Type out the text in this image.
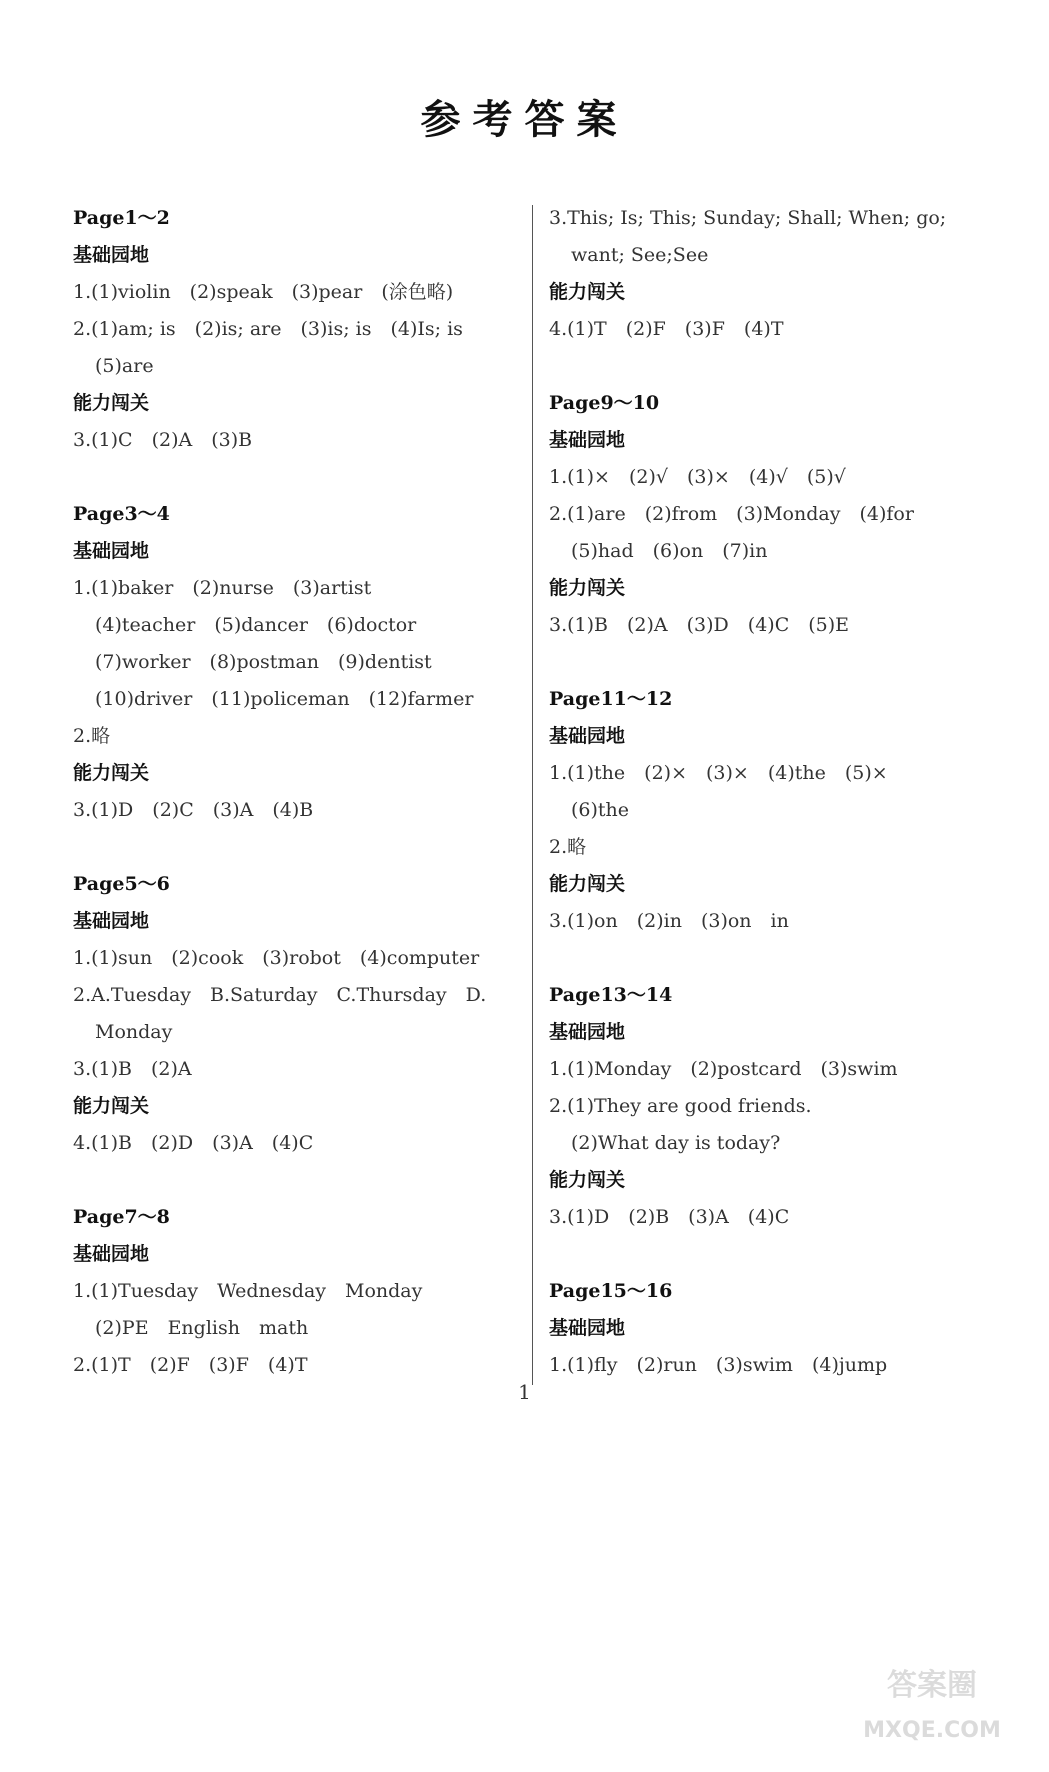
参考答案
Page1～2
基础园地
1.(1)violin　(2)speak　(3)pear　(涂色略)
2.(1)am; is　(2)is; are　(3)is; is　(4)Is; is
(5)are
能力闯关
3.(1)C　(2)A　(3)B
Page3～4
基础园地
1.(1)baker　(2)nurse　(3)artist
(4)teacher　(5)dancer　(6)doctor
(7)worker　(8)postman　(9)dentist
(10)driver　(11)policeman　(12)farmer
2.略
能力闯关
3.(1)D　(2)C　(3)A　(4)B
Page5～6
基础园地
1.(1)sun　(2)cook　(3)robot　(4)computer
2.A.Tuesday　B.Saturday　C.Thursday　D.
Monday
3.(1)B　(2)A
能力闯关
4.(1)B　(2)D　(3)A　(4)C
Page7～8
基础园地
1.(1)Tuesday　Wednesday　Monday
(2)PE　English　math
2.(1)T　(2)F　(3)F　(4)T
3.This; Is; This; Sunday; Shall; When; go;
want; See;See
能力闯关
4.(1)T　(2)F　(3)F　(4)T
Page9～10
基础园地
1.(1)×　(2)√　(3)×　(4)√　(5)√
2.(1)are　(2)from　(3)Monday　(4)for
(5)had　(6)on　(7)in
能力闯关
3.(1)B　(2)A　(3)D　(4)C　(5)E
Page11～12
基础园地
1.(1)the　(2)×　(3)×　(4)the　(5)×
(6)the
2.略
能力闯关
3.(1)on　(2)in　(3)on　in
Page13～14
基础园地
1.(1)Monday　(2)postcard　(3)swim
2.(1)They are good friends.
(2)What day is today?
能力闯关
3.(1)D　(2)B　(3)A　(4)C
Page15～16
基础园地
1.(1)fly　(2)run　(3)swim　(4)jump
1
答案圈
MXQE.COM
